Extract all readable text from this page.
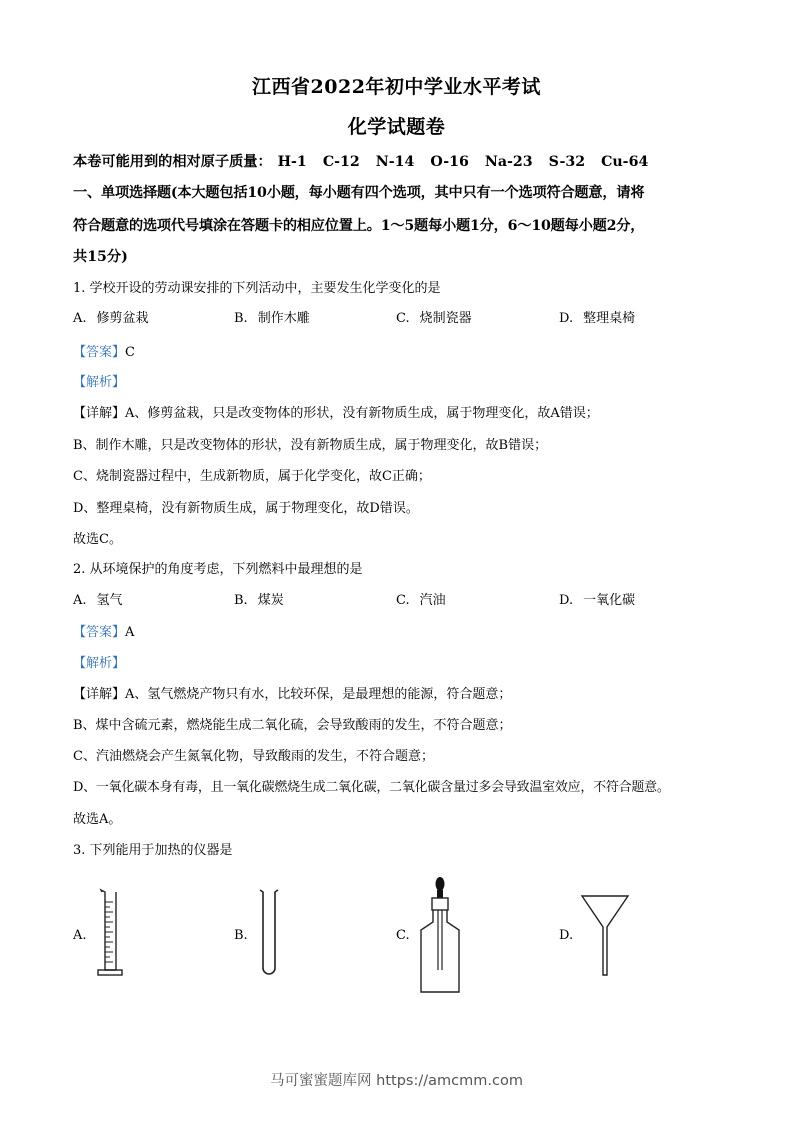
江西省2022年初中学业水平考试
化学试题卷
本卷可能用到的相对原子质量： H-1 C-12 N-14 O-16 Na-23 S-32 Cu-64
一、单项选择题(本大题包括10小题，每小题有四个选项，其中只有一个选项符合题意，请将
符合题意的选项代号填涂在答题卡的相应位置上。1～5题每小题1分，6～10题每小题2分，
共15分)
1. 学校开设的劳动课安排的下列活动中，主要发生化学变化的是
A. 修剪盆栽	B. 制作木雕	C. 烧制瓷器	D. 整理桌椅
【答案】C
【解析】
【详解】A、修剪盆栽，只是改变物体的形状，没有新物质生成，属于物理变化，故A错误；
B、制作木雕，只是改变物体的形状，没有新物质生成，属于物理变化，故B错误；
C、烧制瓷器过程中，生成新物质，属于化学变化，故C正确；
D、整理桌椅，没有新物质生成，属于物理变化，故D错误。
故选C。
2. 从环境保护的角度考虑，下列燃料中最理想的是
A. 氢气	B. 煤炭	C. 汽油	D. 一氧化碳
【答案】A
【解析】
【详解】A、氢气燃烧产物只有水，比较环保，是最理想的能源，符合题意；
B、煤中含硫元素，燃烧能生成二氧化硫，会导致酸雨的发生，不符合题意；
C、汽油燃烧会产生氮氧化物，导致酸雨的发生，不符合题意；
D、一氧化碳本身有毒，且一氧化碳燃烧生成二氧化碳，二氧化碳含量过多会导致温室效应，不符合题意。
故选A。
3. 下列能用于加热的仪器是
A.	B.	C.	D.
马可蜜蜜题库网 https://amcmm.com
